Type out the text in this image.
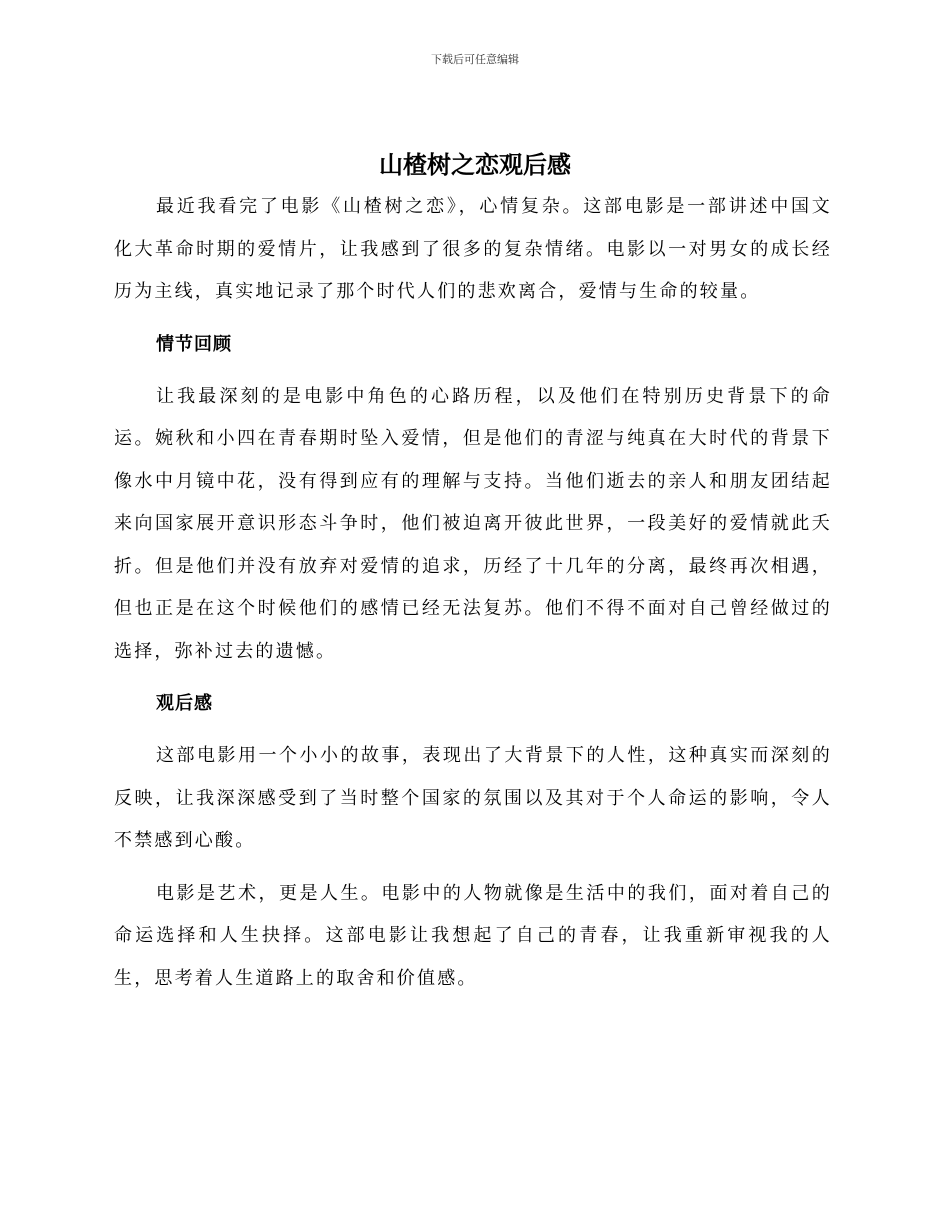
下载后可任意编辑
山楂树之恋观后感

最近我看完了电影《山楂树之恋》，心情复杂。这部电影是一部讲述中国文化大革命时期的爱情片，让我感到了很多的复杂情绪。电影以一对男女的成长经历为主线，真实地记录了那个时代人们的悲欢离合，爱情与生命的较量。

情节回顾

让我最深刻的是电影中角色的心路历程，以及他们在特别历史背景下的命运。婉秋和小四在青春期时坠入爱情，但是他们的青涩与纯真在大时代的背景下像水中月镜中花，没有得到应有的理解与支持。当他们逝去的亲人和朋友团结起来向国家展开意识形态斗争时，他们被迫离开彼此世界，一段美好的爱情就此夭折。但是他们并没有放弃对爱情的追求，历经了十几年的分离，最终再次相遇，但也正是在这个时候他们的感情已经无法复苏。他们不得不面对自己曾经做过的选择，弥补过去的遗憾。

观后感

这部电影用一个小小的故事，表现出了大背景下的人性，这种真实而深刻的反映，让我深深感受到了当时整个国家的氛围以及其对于个人命运的影响，令人不禁感到心酸。

电影是艺术，更是人生。电影中的人物就像是生活中的我们，面对着自己的命运选择和人生抉择。这部电影让我想起了自己的青春，让我重新审视我的人生，思考着人生道路上的取舍和价值感。
